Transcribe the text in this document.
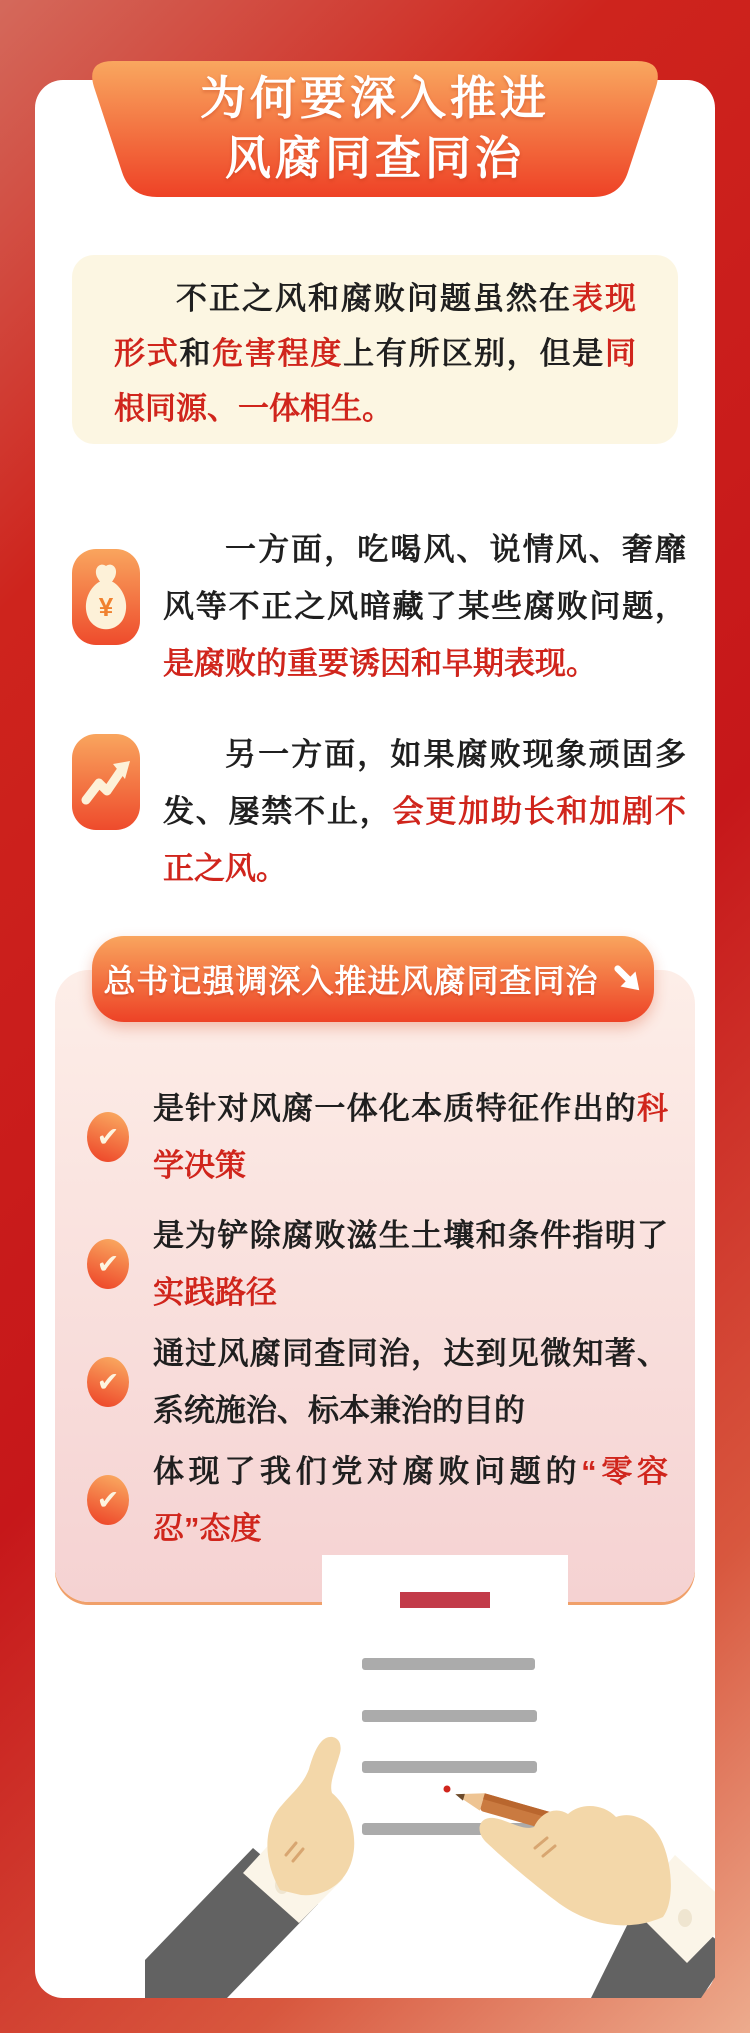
为何要深入推进
风腐同查同治

不正之风和腐败问题虽然在表现形式和危害程度上有所区别，但是同根同源、一体相生。

¥

一方面，吃喝风、说情风、奢靡风等不正之风暗藏了某些腐败问题，是腐败的重要诱因和早期表现。

另一方面，如果腐败现象顽固多发、屡禁不止，会更加助长和加剧不正之风。

总书记强调深入推进风腐同查同治
✔

是针对风腐一体化本质特征作出的科学决策

✔

是为铲除腐败滋生土壤和条件指明了实践路径

✔

通过风腐同查同治，达到见微知著、系统施治、标本兼治的目的

✔

体现了我们党对腐败问题的“零容忍”态度
